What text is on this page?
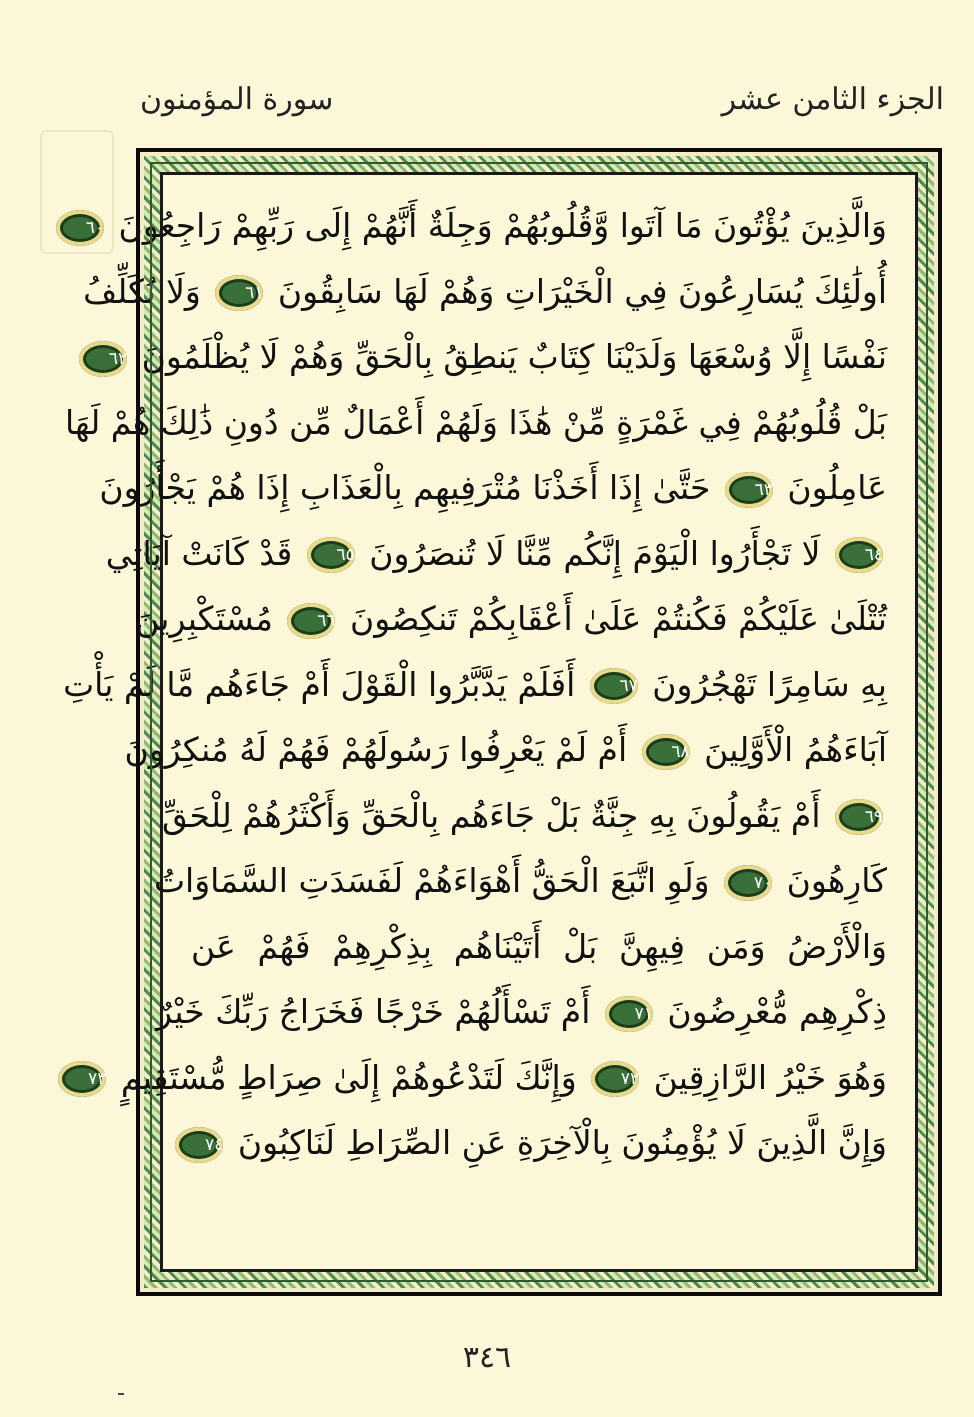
الجزء الثامن عشر
سورة المؤمنون
وَالَّذِينَ يُؤْتُونَ مَا آتَوا وَّقُلُوبُهُمْ وَجِلَةٌ أَنَّهُمْ إِلَى رَبِّهِمْ رَاجِعُونَ
٦٠
أُولَٰئِكَ يُسَارِعُونَ فِي الْخَيْرَاتِ وَهُمْ لَهَا سَابِقُونَ
٦١
وَلَا نُكَلِّفُ
نَفْسًا إِلَّا وُسْعَهَا وَلَدَيْنَا كِتَابٌ يَنطِقُ بِالْحَقِّ وَهُمْ لَا يُظْلَمُونَ
٦٢
بَلْ قُلُوبُهُمْ فِي غَمْرَةٍ مِّنْ هَٰذَا وَلَهُمْ أَعْمَالٌ مِّن دُونِ ذَٰلِكَ هُمْ لَهَا
عَامِلُونَ
٦٣
حَتَّىٰ إِذَا أَخَذْنَا مُتْرَفِيهِم بِالْعَذَابِ إِذَا هُمْ يَجْأَرُونَ
٦٤
لَا تَجْأَرُوا الْيَوْمَ إِنَّكُم مِّنَّا لَا تُنصَرُونَ
٦٥
قَدْ كَانَتْ آيَاتِي
تُتْلَىٰ عَلَيْكُمْ فَكُنتُمْ عَلَىٰ أَعْقَابِكُمْ تَنكِصُونَ
٦٦
مُسْتَكْبِرِينَ
بِهِ سَامِرًا تَهْجُرُونَ
٦٧
أَفَلَمْ يَدَّبَّرُوا الْقَوْلَ أَمْ جَاءَهُم مَّا لَمْ يَأْتِ
آبَاءَهُمُ الْأَوَّلِينَ
٦٨
أَمْ لَمْ يَعْرِفُوا رَسُولَهُمْ فَهُمْ لَهُ مُنكِرُونَ
٦٩
أَمْ يَقُولُونَ بِهِ جِنَّةٌ بَلْ جَاءَهُم بِالْحَقِّ وَأَكْثَرُهُمْ لِلْحَقِّ
كَارِهُونَ
٧٠
وَلَوِ اتَّبَعَ الْحَقُّ أَهْوَاءَهُمْ لَفَسَدَتِ السَّمَاوَاتُ
وَالْأَرْضُ وَمَن فِيهِنَّ بَلْ أَتَيْنَاهُم بِذِكْرِهِمْ فَهُمْ عَن
ذِكْرِهِم مُّعْرِضُونَ
٧١
أَمْ تَسْأَلُهُمْ خَرْجًا فَخَرَاجُ رَبِّكَ خَيْرٌ
وَهُوَ خَيْرُ الرَّازِقِينَ
٧٢
وَإِنَّكَ لَتَدْعُوهُمْ إِلَىٰ صِرَاطٍ مُّسْتَقِيمٍ
٧٣
وَإِنَّ الَّذِينَ لَا يُؤْمِنُونَ بِالْآخِرَةِ عَنِ الصِّرَاطِ لَنَاكِبُونَ
٧٤
٣٤٦
